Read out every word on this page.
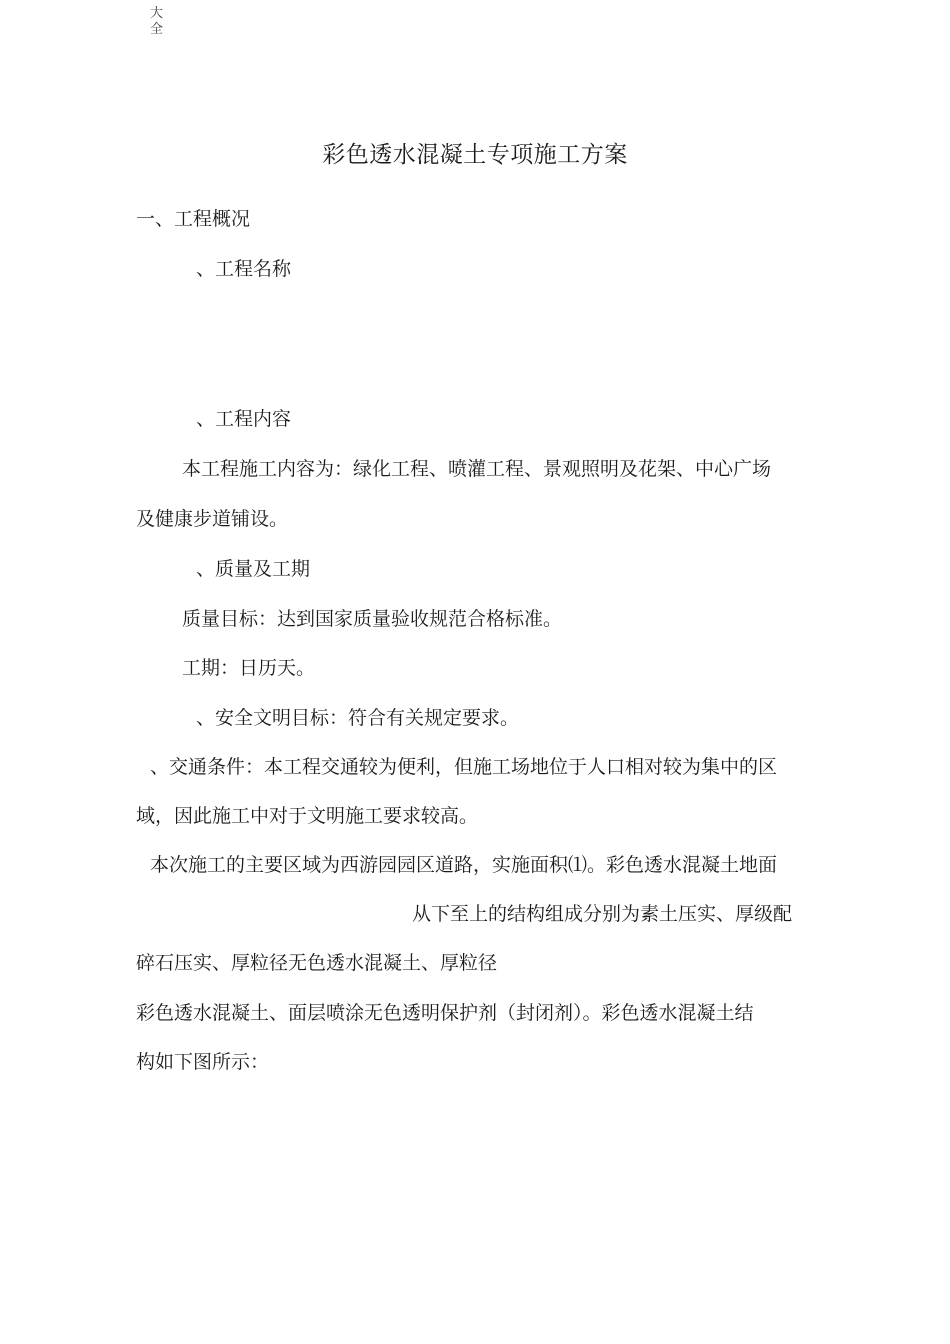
大
全
彩色透水混凝土专项施工方案
一、工程概况
、工程名称
、工程内容
本工程施工内容为：绿化工程、喷灌工程、景观照明及花架、中心广场
及健康步道铺设。
、质量及工期
质量目标：达到国家质量验收规范合格标准。
工期：日历天。
、安全文明目标：符合有关规定要求。
、交通条件：本工程交通较为便利，但施工场地位于人口相对较为集中的区
域，因此施工中对于文明施工要求较高。
本次施工的主要区域为西游园园区道路，实施面积⑴。彩色透水混凝土地面
从下至上的结构组成分别为素土压实、厚级配
碎石压实、厚粒径无色透水混凝土、厚粒径
彩色透水混凝土、面层喷涂无色透明保护剂（封闭剂）。彩色透水混凝土结
构如下图所示：
